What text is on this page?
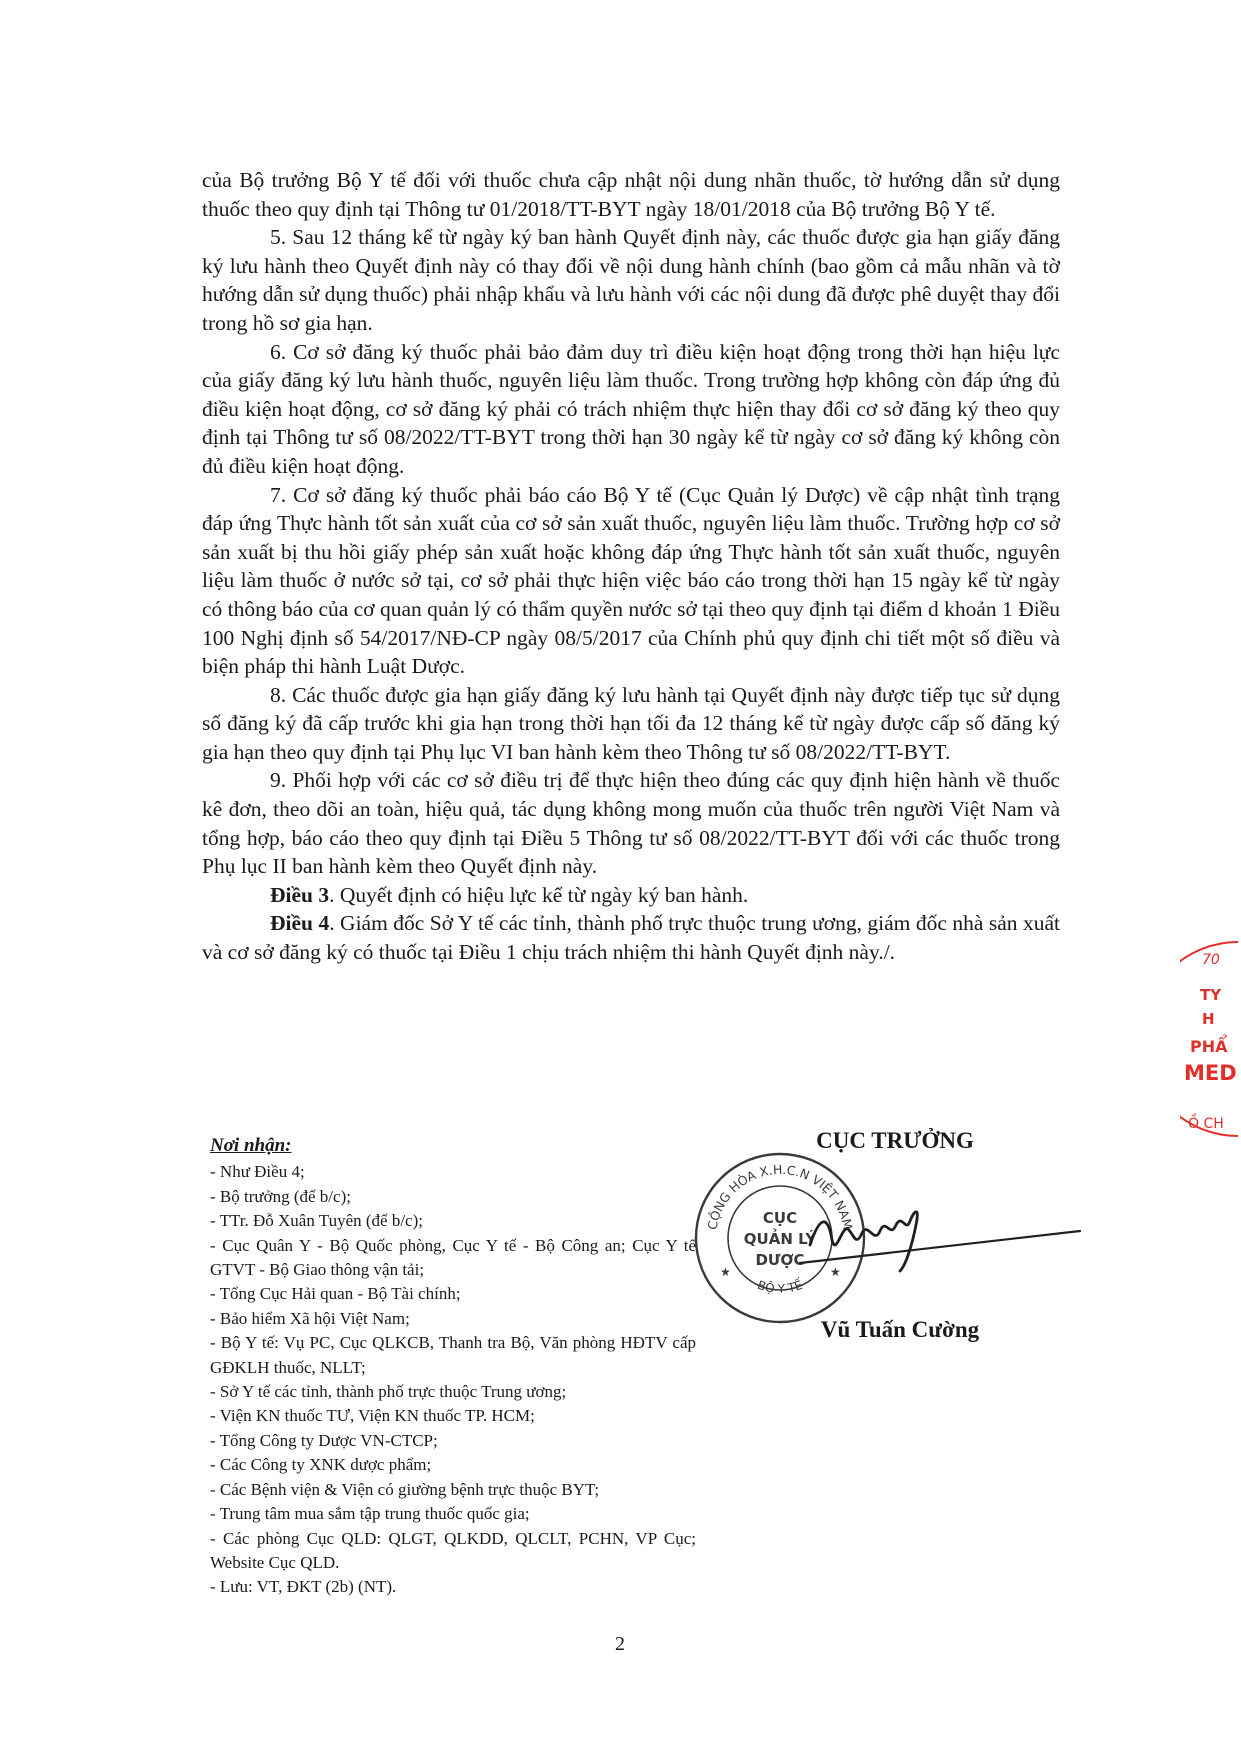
của Bộ trưởng Bộ Y tế đối với thuốc chưa cập nhật nội dung nhãn thuốc, tờ hướng dẫn sử dụng thuốc theo quy định tại Thông tư 01/2018/TT-BYT ngày 18/01/2018 của Bộ trưởng Bộ Y tế.

5. Sau 12 tháng kể từ ngày ký ban hành Quyết định này, các thuốc được gia hạn giấy đăng ký lưu hành theo Quyết định này có thay đổi về nội dung hành chính (bao gồm cả mẫu nhãn và tờ hướng dẫn sử dụng thuốc) phải nhập khẩu và lưu hành với các nội dung đã được phê duyệt thay đổi trong hồ sơ gia hạn.

6. Cơ sở đăng ký thuốc phải bảo đảm duy trì điều kiện hoạt động trong thời hạn hiệu lực của giấy đăng ký lưu hành thuốc, nguyên liệu làm thuốc. Trong trường hợp không còn đáp ứng đủ điều kiện hoạt động, cơ sở đăng ký phải có trách nhiệm thực hiện thay đổi cơ sở đăng ký theo quy định tại Thông tư số 08/2022/TT-BYT trong thời hạn 30 ngày kể từ ngày cơ sở đăng ký không còn đủ điều kiện hoạt động.

7. Cơ sở đăng ký thuốc phải báo cáo Bộ Y tế (Cục Quản lý Dược) về cập nhật tình trạng đáp ứng Thực hành tốt sản xuất của cơ sở sản xuất thuốc, nguyên liệu làm thuốc. Trường hợp cơ sở sản xuất bị thu hồi giấy phép sản xuất hoặc không đáp ứng Thực hành tốt sản xuất thuốc, nguyên liệu làm thuốc ở nước sở tại, cơ sở phải thực hiện việc báo cáo trong thời hạn 15 ngày kể từ ngày có thông báo của cơ quan quản lý có thẩm quyền nước sở tại theo quy định tại điểm d khoản 1 Điều 100 Nghị định số 54/2017/NĐ-CP ngày 08/5/2017 của Chính phủ quy định chi tiết một số điều và biện pháp thi hành Luật Dược.

8. Các thuốc được gia hạn giấy đăng ký lưu hành tại Quyết định này được tiếp tục sử dụng số đăng ký đã cấp trước khi gia hạn trong thời hạn tối đa 12 tháng kể từ ngày được cấp số đăng ký gia hạn theo quy định tại Phụ lục VI ban hành kèm theo Thông tư số 08/2022/TT-BYT.

9. Phối hợp với các cơ sở điều trị để thực hiện theo đúng các quy định hiện hành về thuốc kê đơn, theo dõi an toàn, hiệu quả, tác dụng không mong muốn của thuốc trên người Việt Nam và tổng hợp, báo cáo theo quy định tại Điều 5 Thông tư số 08/2022/TT-BYT đối với các thuốc trong Phụ lục II ban hành kèm theo Quyết định này.

Điều 3. Quyết định có hiệu lực kể từ ngày ký ban hành.

Điều 4. Giám đốc Sở Y tế các tỉnh, thành phố trực thuộc trung ương, giám đốc nhà sản xuất và cơ sở đăng ký có thuốc tại Điều 1 chịu trách nhiệm thi hành Quyết định này./.

Nơi nhận:
- Như Điều 4;
- Bộ trưởng (để b/c);
- TTr. Đỗ Xuân Tuyên (để b/c);
- Cục Quân Y - Bộ Quốc phòng, Cục Y tế - Bộ Công an; Cục Y tế GTVT - Bộ Giao thông vận tải;
- Tổng Cục Hải quan - Bộ Tài chính;
- Bảo hiểm Xã hội Việt Nam;
- Bộ Y tế: Vụ PC, Cục QLKCB, Thanh tra Bộ, Văn phòng HĐTV cấp GĐKLH thuốc, NLLT;
- Sở Y tế các tỉnh, thành phố trực thuộc Trung ương;
- Viện KN thuốc TƯ, Viện KN thuốc TP. HCM;
- Tổng Công ty Dược VN-CTCP;
- Các Công ty XNK dược phẩm;
- Các Bệnh viện & Viện có giường bệnh trực thuộc BYT;
- Trung tâm mua sắm tập trung thuốc quốc gia;
- Các phòng Cục QLD: QLGT, QLKDD, QLCLT, PCHN, VP Cục; Website Cục QLD.
- Lưu: VT, ĐKT (2b) (NT).
CỤC TRƯỞNG
CỘNG HÒA X.H.C.N VIỆT NAM
BỘ Y TẾ
CỤC
QUẢN LÝ
DƯỢC
★	★
Vũ Tuấn Cường
70
TY
H
PHẨ
MED
Ồ CH
2
